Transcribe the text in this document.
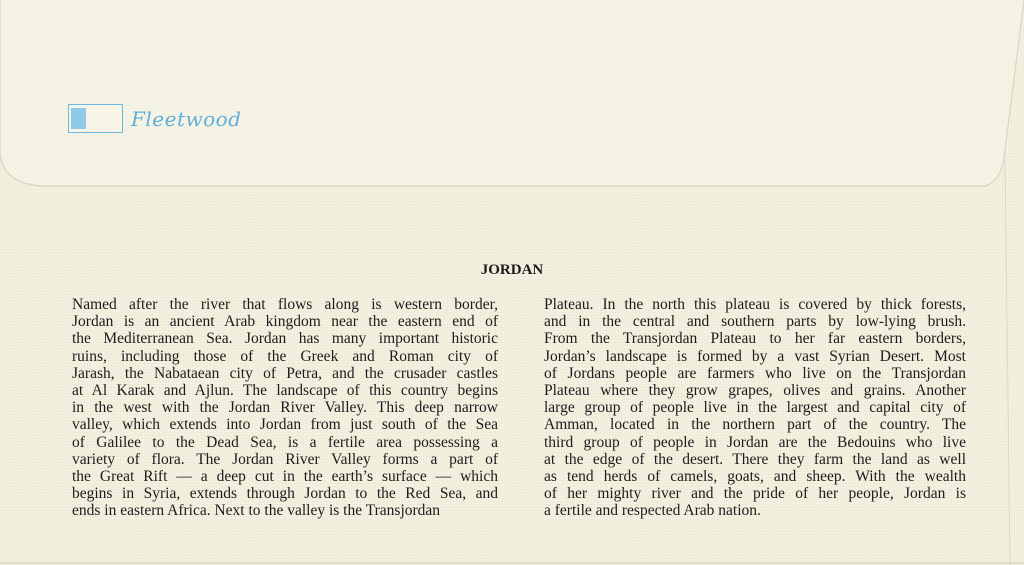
Fleetwood
JORDAN
Named after the river that flows along is western border,
Jordan is an ancient Arab kingdom near the eastern end of
the Mediterranean Sea. Jordan has many important historic
ruins, including those of the Greek and Roman city of
Jarash, the Nabataean city of Petra, and the crusader castles
at Al Karak and Ajlun. The landscape of this country begins
in the west with the Jordan River Valley. This deep narrow
valley, which extends into Jordan from just south of the Sea
of Galilee to the Dead Sea, is a fertile area possessing a
variety of flora. The Jordan River Valley forms a part of
the Great Rift — a deep cut in the earth’s surface — which
begins in Syria, extends through Jordan to the Red Sea, and
ends in eastern Africa. Next to the valley is the Transjordan
Plateau. In the north this plateau is covered by thick forests,
and in the central and southern parts by low-lying brush.
From the Transjordan Plateau to her far eastern borders,
Jordan’s landscape is formed by a vast Syrian Desert. Most
of Jordans people are farmers who live on the Transjordan
Plateau where they grow grapes, olives and grains. Another
large group of people live in the largest and capital city of
Amman, located in the northern part of the country. The
third group of people in Jordan are the Bedouins who live
at the edge of the desert. There they farm the land as well
as tend herds of camels, goats, and sheep. With the wealth
of her mighty river and the pride of her people, Jordan is
a fertile and respected Arab nation.
